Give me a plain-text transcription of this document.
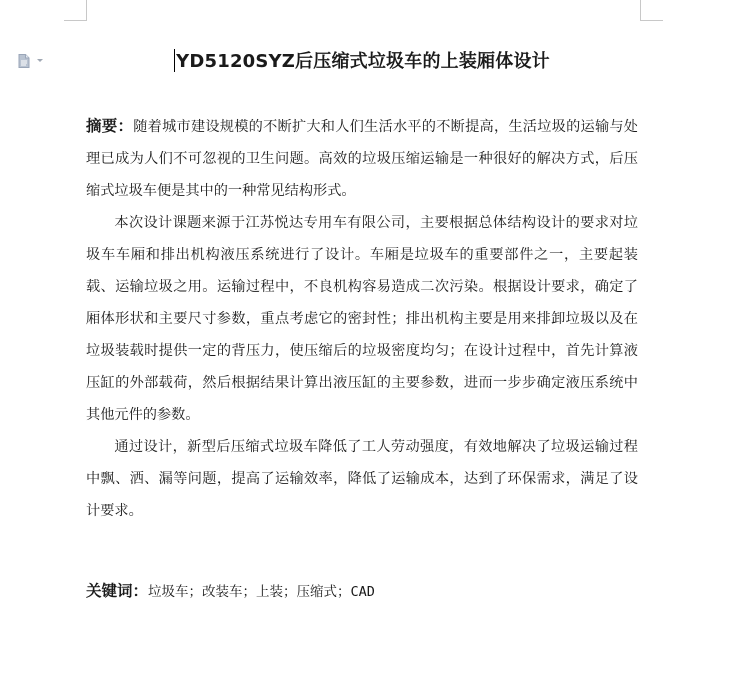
YD5120SYZ后压缩式垃圾车的上装厢体设计

摘要：随着城市建设规模的不断扩大和人们生活水平的不断提高，生活垃圾的运输与处理已成为人们不可忽视的卫生问题。高效的垃圾压缩运输是一种很好的解决方式，后压缩式垃圾车便是其中的一种常见结构形式。

本次设计课题来源于江苏悦达专用车有限公司，主要根据总体结构设计的要求对垃圾车车厢和排出机构液压系统进行了设计。车厢是垃圾车的重要部件之一，主要起装载、运输垃圾之用。运输过程中，不良机构容易造成二次污染。根据设计要求，确定了厢体形状和主要尺寸参数，重点考虑它的密封性；排出机构主要是用来排卸垃圾以及在垃圾装载时提供一定的背压力，使压缩后的垃圾密度均匀；在设计过程中，首先计算液压缸的外部载荷，然后根据结果计算出液压缸的主要参数，进而一步步确定液压系统中其他元件的参数。

通过设计，新型后压缩式垃圾车降低了工人劳动强度，有效地解决了垃圾运输过程中飘、洒、漏等问题，提高了运输效率，降低了运输成本，达到了环保需求，满足了设计要求。

关键词：垃圾车；改装车；上装；压缩式；CAD
